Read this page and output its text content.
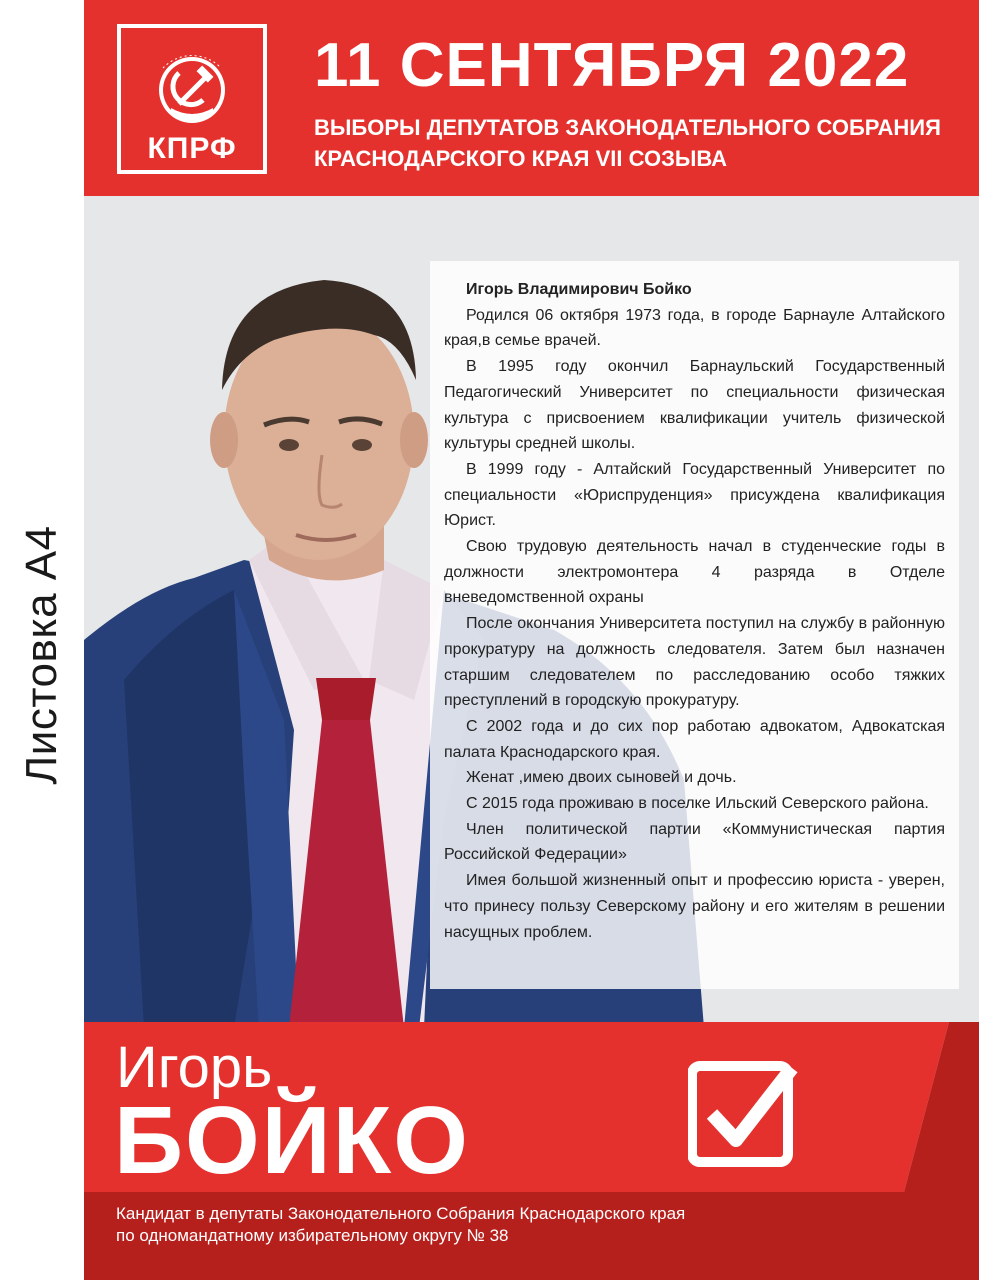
Листовка А4
КПРФ
11 СЕНТЯБРЯ 2022
ВЫБОРЫ ДЕПУТАТОВ ЗАКОНОДАТЕЛЬНОГО СОБРАНИЯ
КРАСНОДАРСКОГО КРАЯ VII СОЗЫВА

Игорь Владимирович Бойко

Родился 06 октября 1973 года, в городе Барнауле Алтайского края,в семье врачей.

В 1995 году окончил Барнаульский Государственный Педагогический Университет по специальности физическая культура с присвоением квалификации учитель физической культуры средней школы.

В 1999 году - Алтайский Государственный Университет по специальности «Юриспруденция» присуждена квалификация Юрист.

Свою трудовую деятельность начал в студенческие годы в должности электромонтера 4 разряда в Отделе вневедомственной охраны

После окончания Университета поступил на службу в районную прокуратуру на должность следователя. Затем был назначен старшим следователем по расследованию особо тяжких преступлений в городскую прокуратуру.

С 2002 года и до сих пор работаю адвокатом, Адвокатская палата Краснодарского края.

Женат ,имею двоих сыновей и дочь.

С 2015 года проживаю в поселке Ильский Северского района.

Член политической партии «Коммунистическая партия Российской Федерации»

Имея большой жизненный опыт и профессию юриста - уверен, что принесу пользу Северскому району и его жителям в решении насущных проблем.

Игорь
БОЙКО
Кандидат в депутаты Законодательного Собрания Краснодарского края
по одномандатному избирательному округу № 38
